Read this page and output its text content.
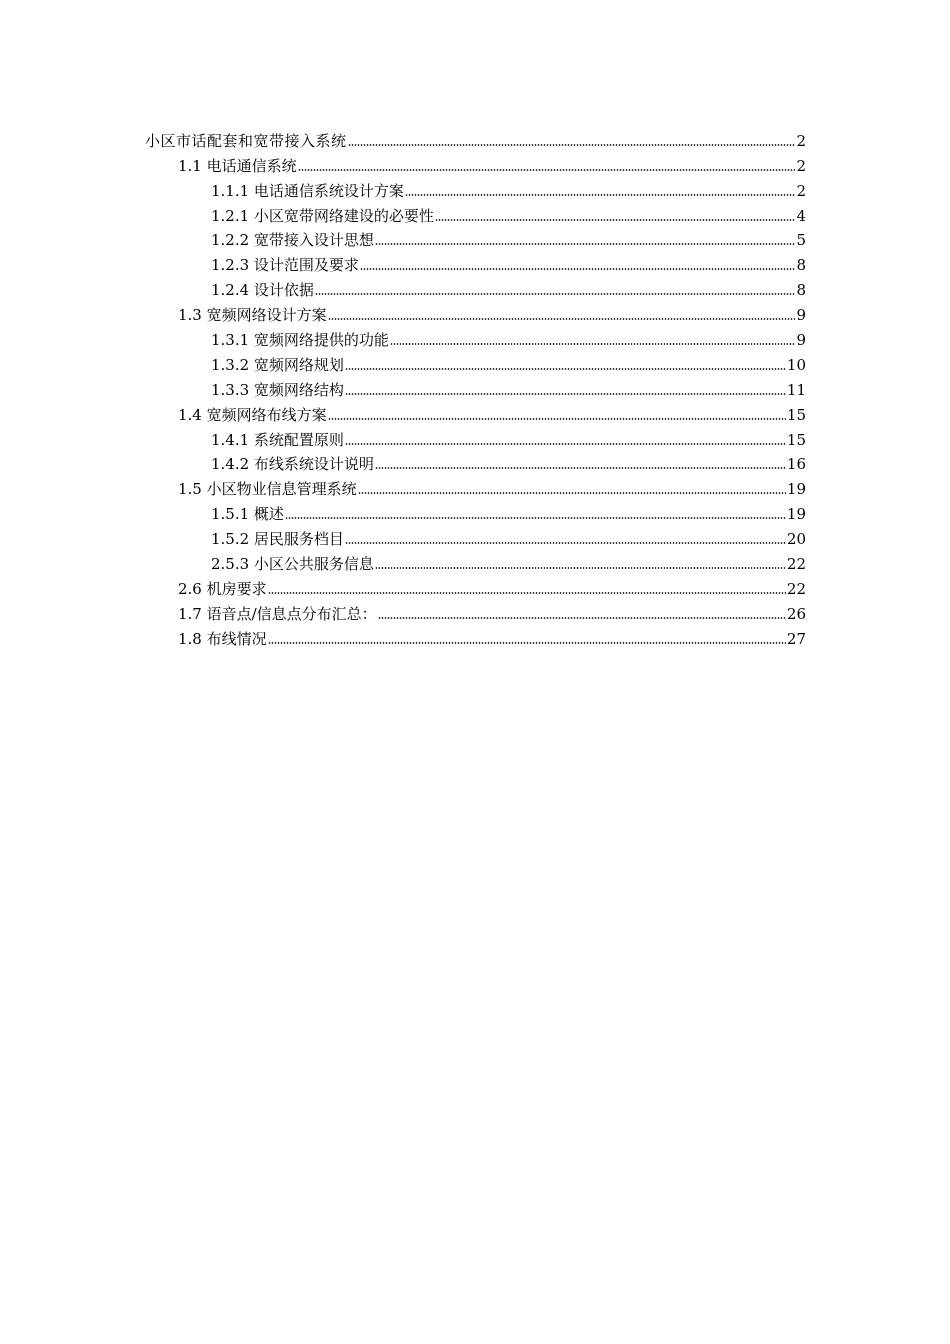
小区市话配套和宽带接入系统	2
1.1 电话通信系统	2
1.1.1 电话通信系统设计方案	2
1.2.1 小区宽带网络建设的必要性	4
1.2.2 宽带接入设计思想	5
1.2.3 设计范围及要求	8
1.2.4 设计依据	8
1.3 宽频网络设计方案	9
1.3.1 宽频网络提供的功能	9
1.3.2 宽频网络规划	10
1.3.3 宽频网络结构	11
1.4 宽频网络布线方案	15
1.4.1 系统配置原则	15
1.4.2 布线系统设计说明	16
1.5 小区物业信息管理系统	19
1.5.1 概述	19
1.5.2 居民服务档目	20
2.5.3 小区公共服务信息	22
2.6 机房要求	22
1.7 语音点/信息点分布汇总：	26
1.8 布线情况	27
